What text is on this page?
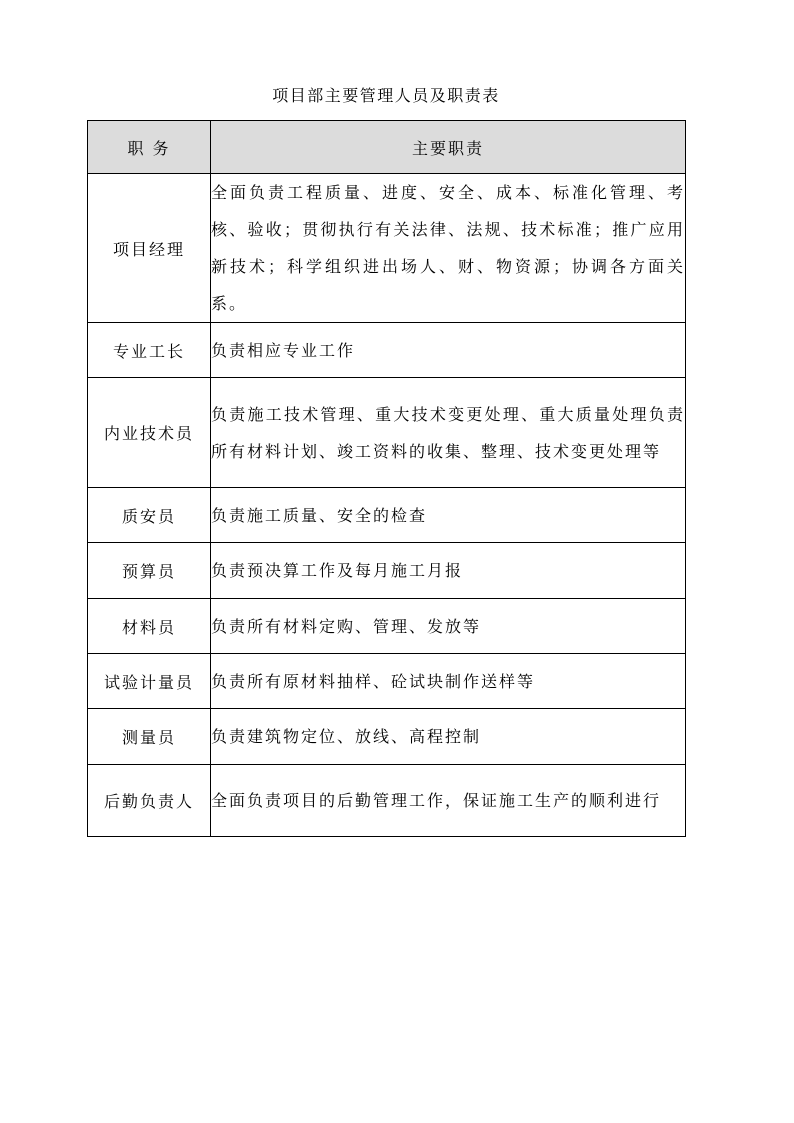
项目部主要管理人员及职责表
职 务	主要职责
项目经理	全面负责工程质量、进度、安全、成本、标准化管理、考核、验收；贯彻执行有关法律、法规、技术标准；推广应用新技术；科学组织进出场人、财、物资源；协调各方面关系。
专业工长	负责相应专业工作
内业技术员	负责施工技术管理、重大技术变更处理、重大质量处理负责所有材料计划、竣工资料的收集、整理、技术变更处理等
质安员	负责施工质量、安全的检查
预算员	负责预决算工作及每月施工月报
材料员	负责所有材料定购、管理、发放等
试验计量员	负责所有原材料抽样、砼试块制作送样等
测量员	负责建筑物定位、放线、高程控制
后勤负责人	全面负责项目的后勤管理工作，保证施工生产的顺利进行
